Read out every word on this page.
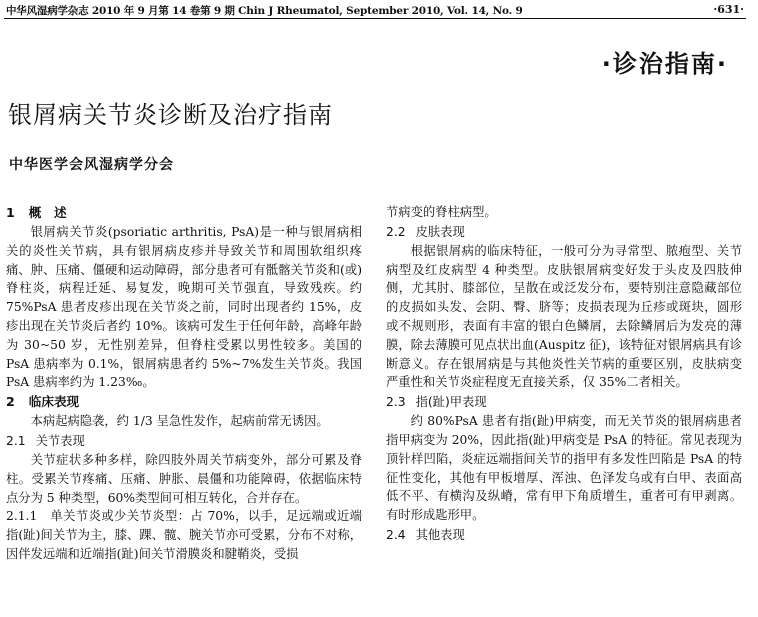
中华风湿病学杂志 2010 年 9 月第 14 卷第 9 期 Chin J Rheumatol, September 2010, Vol. 14, No. 9	·631·
·诊治指南·
银屑病关节炎诊断及治疗指南
中华医学会风湿病学分会
1 概　述

银屑病关节炎(psoriatic arthritis, PsA)是一种与银屑病相关的炎性关节病，具有银屑病皮疹并导致关节和周围软组织疼痛、肿、压痛、僵硬和运动障碍，部分患者可有骶髂关节炎和(或)脊柱炎，病程迁延、易复发，晚期可关节强直，导致残疾。约 75%PsA 患者皮疹出现在关节炎之前，同时出现者约 15%，皮疹出现在关节炎后者约 10%。该病可发生于任何年龄，高峰年龄为 30~50 岁，无性别差异，但脊柱受累以男性较多。美国的 PsA 患病率为 0.1%，银屑病患者约 5%~7%发生关节炎。我国 PsA 患病率约为 1.23‰。

2 临床表现

本病起病隐袭，约 1/3 呈急性发作，起病前常无诱因。

2.1 关节表现

关节症状多种多样，除四肢外周关节病变外，部分可累及脊柱。受累关节疼痛、压痛、肿胀、晨僵和功能障碍，依据临床特点分为 5 种类型，60%类型间可相互转化，合并存在。

2.1.1　单关节炎或少关节炎型：占 70%，以手，足远端或近端指(趾)间关节为主，膝、踝、髋、腕关节亦可受累，分布不对称，因伴发远端和近端指(趾)间关节滑膜炎和腱鞘炎，受损

节病变的脊柱病型。

2.2 皮肤表现

根据银屑病的临床特征，一般可分为寻常型、脓疱型、关节病型及红皮病型 4 种类型。皮肤银屑病变好发于头皮及四肢伸侧，尤其肘、膝部位，呈散在或泛发分布，要特别注意隐藏部位的皮损如头发、会阴、臀、脐等；皮损表现为丘疹或斑块，圆形或不规则形，表面有丰富的银白色鳞屑，去除鳞屑后为发亮的薄膜，除去薄膜可见点状出血(Auspitz 征)，该特征对银屑病具有诊断意义。存在银屑病是与其他炎性关节病的重要区别，皮肤病变严重性和关节炎症程度无直接关系，仅 35%二者相关。

2.3 指(趾)甲表现

约 80%PsA 患者有指(趾)甲病变，而无关节炎的银屑病患者指甲病变为 20%，因此指(趾)甲病变是 PsA 的特征。常见表现为顶针样凹陷，炎症远端指间关节的指甲有多发性凹陷是 PsA 的特征性变化，其他有甲板增厚、浑浊、色泽发乌或有白甲、表面高低不平、有横沟及纵嵴，常有甲下角质增生，重者可有甲剥离。有时形成匙形甲。

2.4 其他表现
